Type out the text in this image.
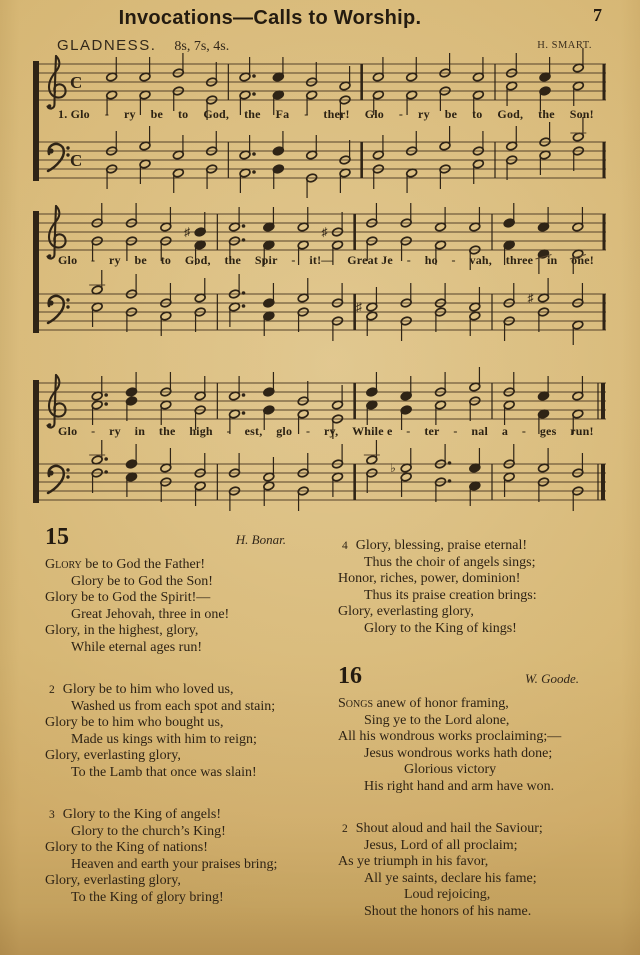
Invocations—Calls to Worship.	7
H. SMART.
GLADNESS. 8s, 7s, 4s.
C
C
♯	♯
♯
♯
♭
1. Glo - ry be to God, the Fa - ther! Glo - ry be to God, the Son!
Glo - ry be to God, the Spir - it!— Great Je - ho - vah, three in one!
Glo - ry in the high - est, glo - ry, While e - ter - nal a - ges run!
15	H. Bonar.
Glory be to God the Father!
Glory be to God the Son!
Glory be to God the Spirit!—
Great Jehovah, three in one!
Glory, in the highest, glory,
While eternal ages run!
2 Glory be to him who loved us,
Washed us from each spot and stain;
Glory be to him who bought us,
Made us kings with him to reign;
Glory, everlasting glory,
To the Lamb that once was slain!
3 Glory to the King of angels!
Glory to the church’s King!
Glory to the King of nations!
Heaven and earth your praises bring;
Glory, everlasting glory,
To the King of glory bring!
4 Glory, blessing, praise eternal!
Thus the choir of angels sings;
Honor, riches, power, dominion!
Thus its praise creation brings:
Glory, everlasting glory,
Glory to the King of kings!
16	W. Goode.
Songs anew of honor framing,
Sing ye to the Lord alone,
All his wondrous works proclaiming;—
Jesus wondrous works hath done;
Glorious victory
His right hand and arm have won.
2 Shout aloud and hail the Saviour;
Jesus, Lord of all proclaim;
As ye triumph in his favor,
All ye saints, declare his fame;
Loud rejoicing,
Shout the honors of his name.
